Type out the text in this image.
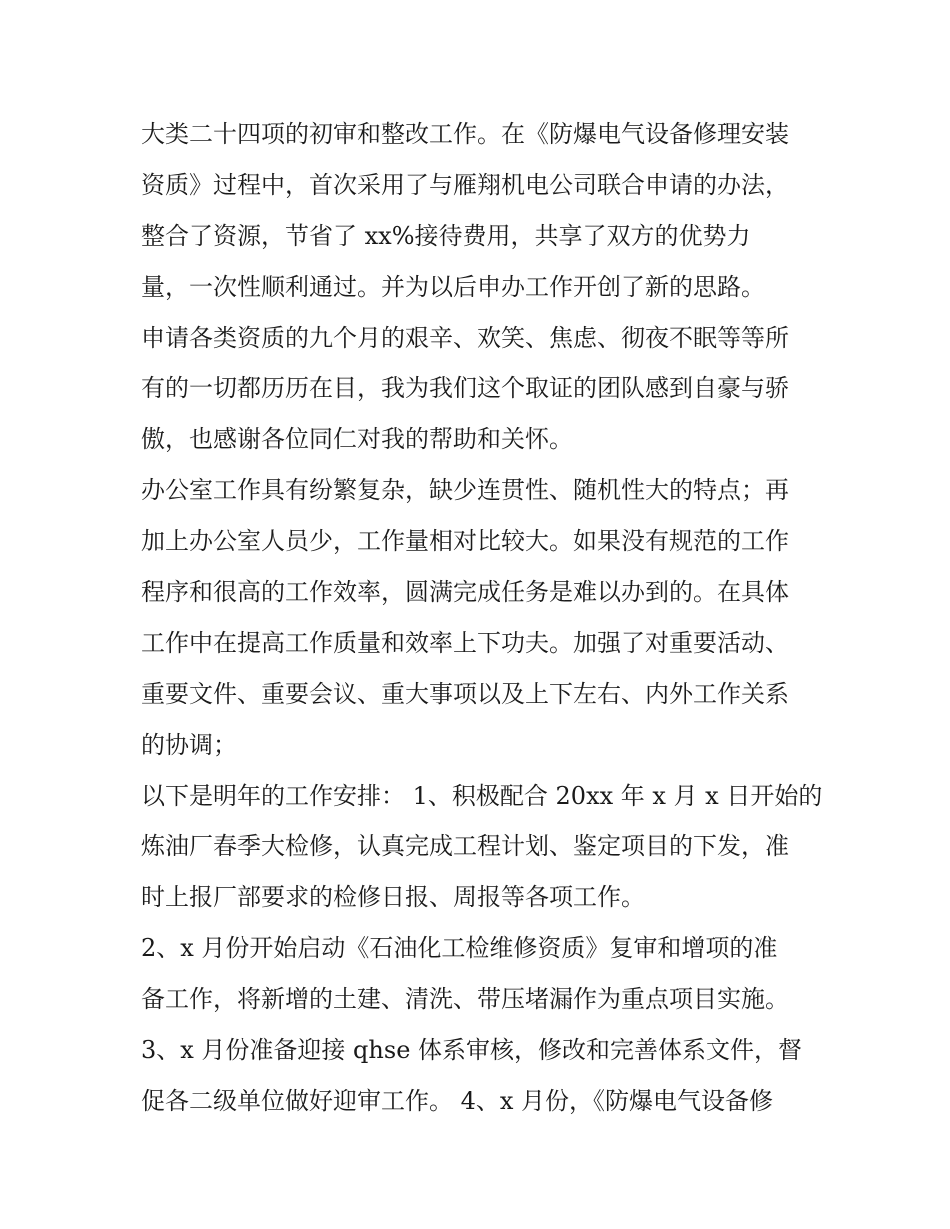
大类二十四项的初审和整改工作。在《防爆电气设备修理安装

资质》过程中，首次采用了与雁翔机电公司联合申请的办法，

整合了资源，节省了 xx%接待费用，共享了双方的优势力

量，一次性顺利通过。并为以后申办工作开创了新的思路。

申请各类资质的九个月的艰辛、欢笑、焦虑、彻夜不眠等等所

有的一切都历历在目，我为我们这个取证的团队感到自豪与骄

傲，也感谢各位同仁对我的帮助和关怀。

办公室工作具有纷繁复杂，缺少连贯性、随机性大的特点；再

加上办公室人员少，工作量相对比较大。如果没有规范的工作

程序和很高的工作效率，圆满完成任务是难以办到的。在具体

工作中在提高工作质量和效率上下功夫。加强了对重要活动、

重要文件、重要会议、重大事项以及上下左右、内外工作关系

的协调；

以下是明年的工作安排： 1、积极配合 20xx 年 x 月 x 日开始的

炼油厂春季大检修，认真完成工程计划、鉴定项目的下发，准

时上报厂部要求的检修日报、周报等各项工作。

2、x 月份开始启动《石油化工检维修资质》复审和增项的准

备工作，将新增的土建、清洗、带压堵漏作为重点项目实施。

3、x 月份准备迎接 qhse 体系审核，修改和完善体系文件，督

促各二级单位做好迎审工作。 4、x 月份，《防爆电气设备修
